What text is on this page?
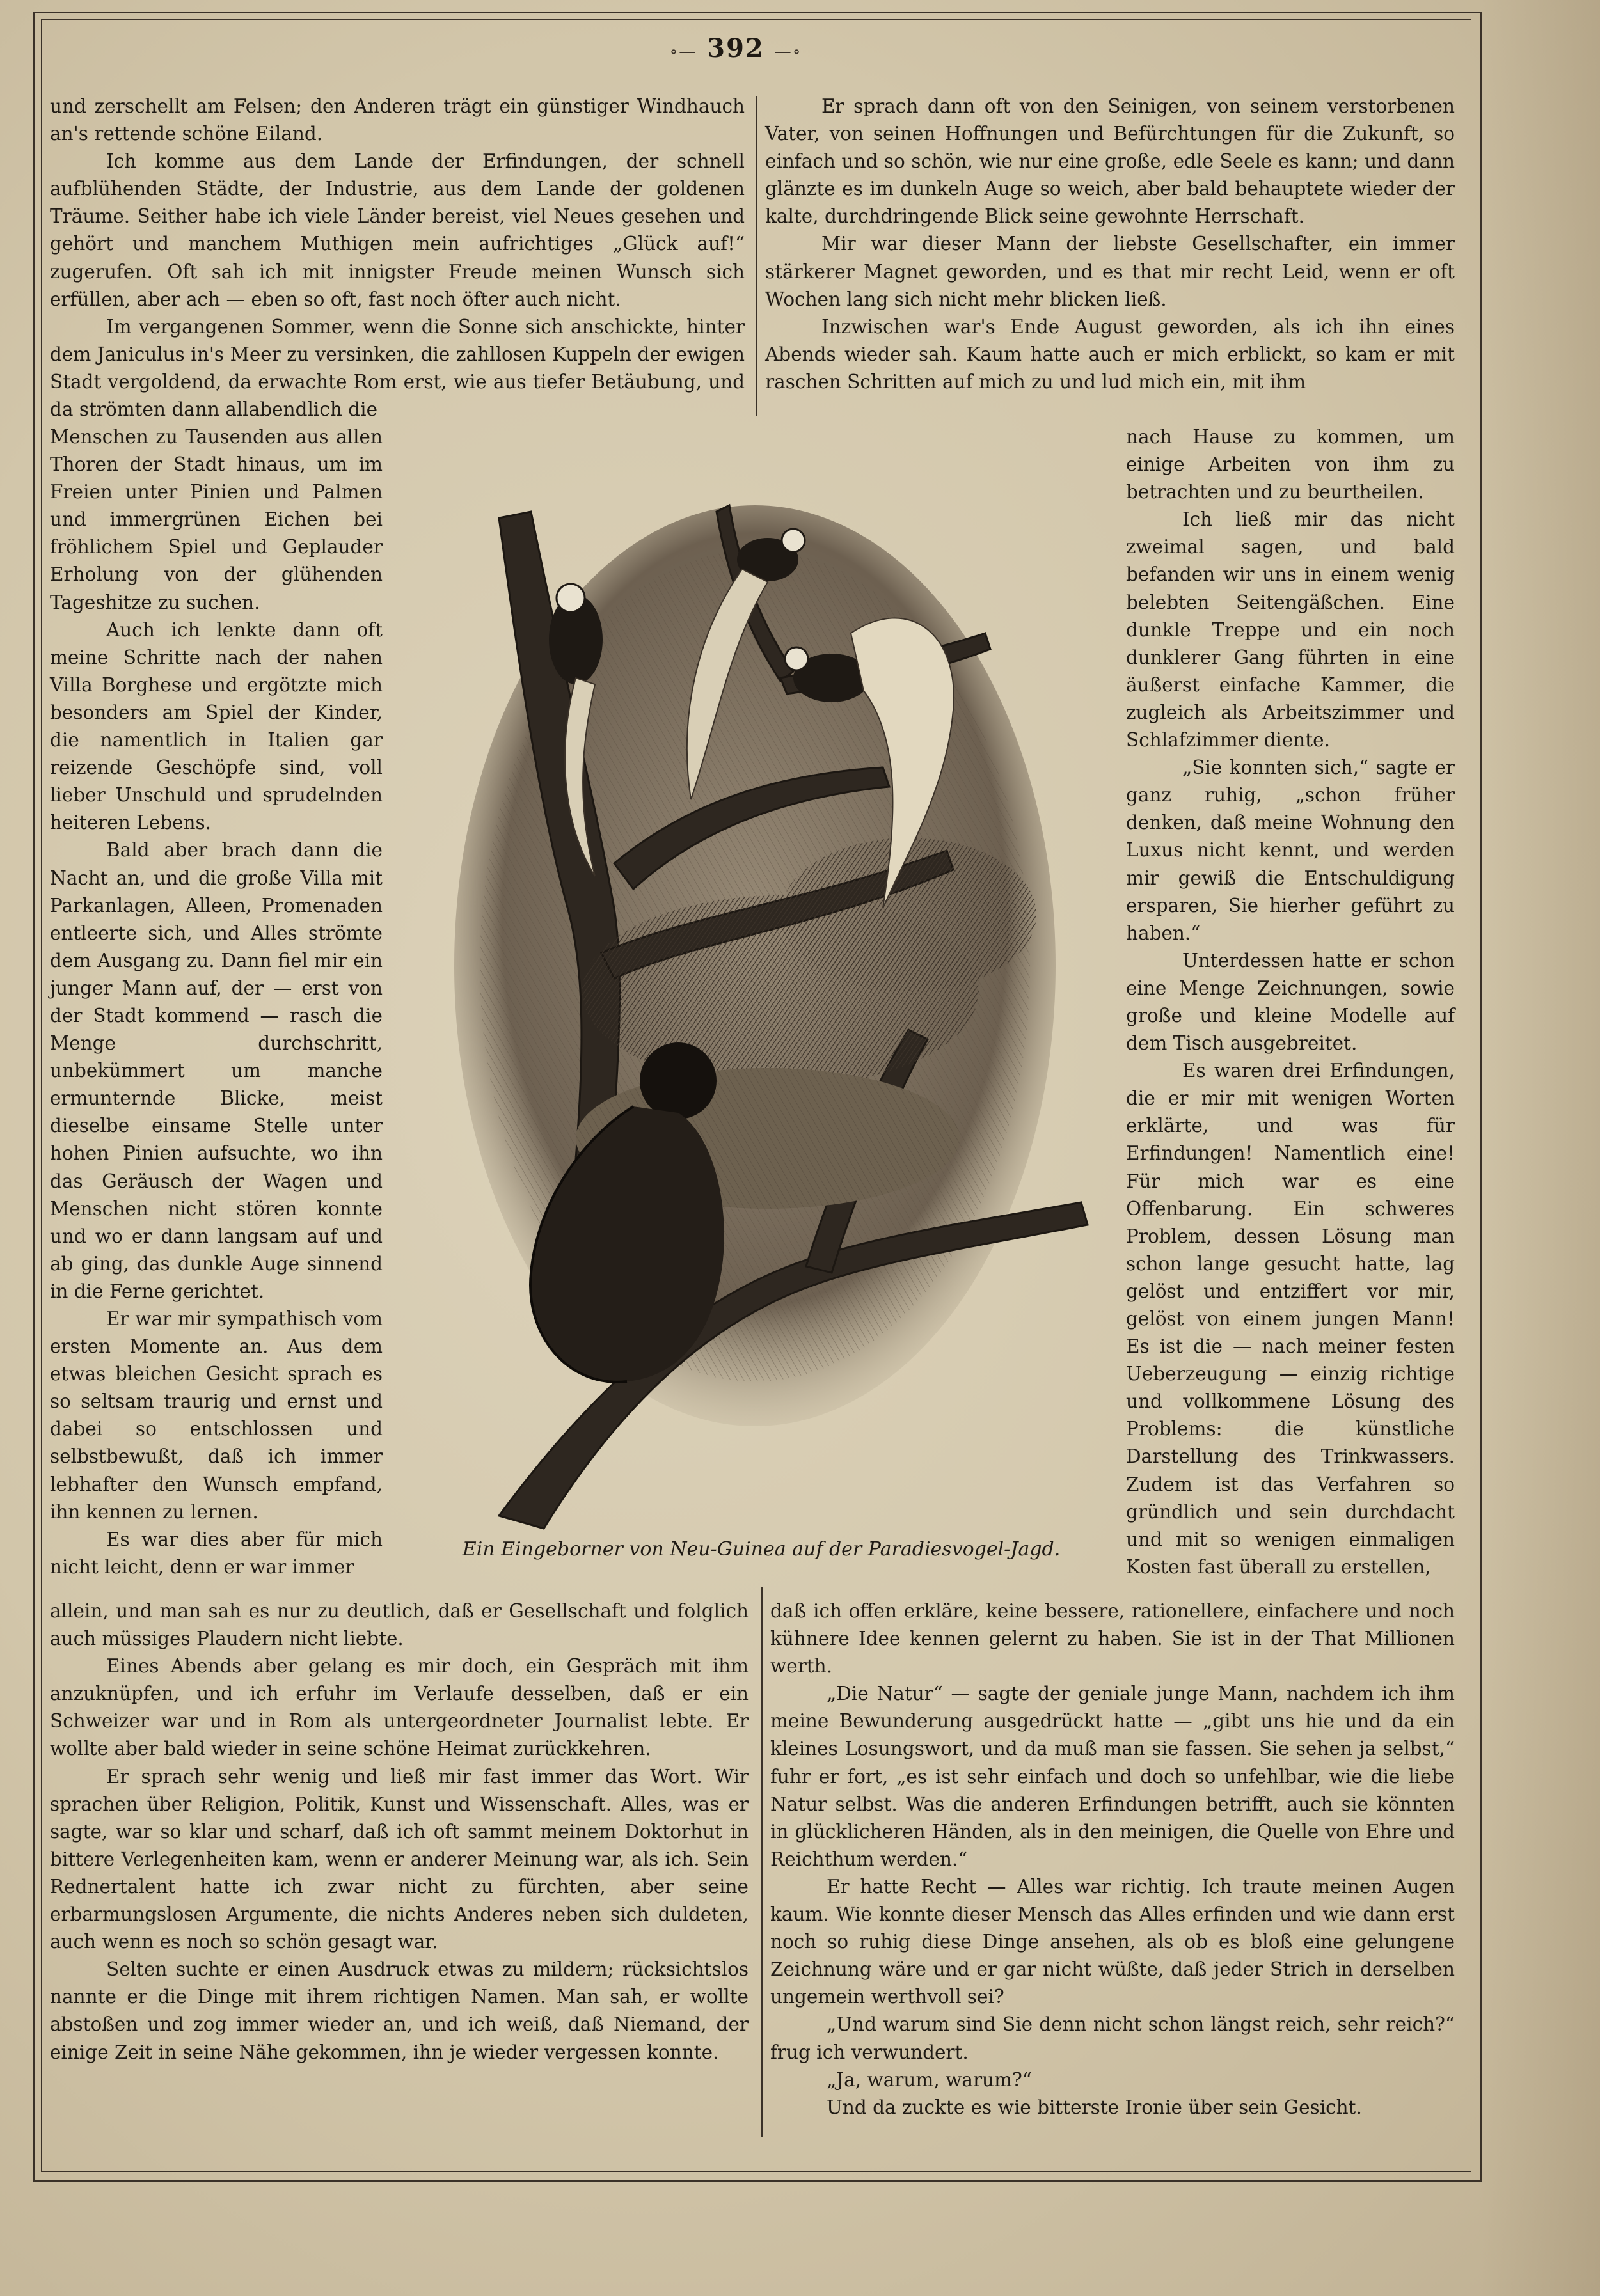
∘— 392 —∘

und zerschellt am Felsen; den Anderen trägt ein günstiger Windhauch an's rettende schöne Eiland.

Ich komme aus dem Lande der Erfindungen, der schnell aufblühenden Städte, der Industrie, aus dem Lande der goldenen Träume. Seither habe ich viele Länder bereist, viel Neues gesehen und gehört und manchem Muthigen mein aufrichtiges „Glück auf!“ zugerufen. Oft sah ich mit innigster Freude meinen Wunsch sich erfüllen, aber ach — eben so oft, fast noch öfter auch nicht.

Im vergangenen Sommer, wenn die Sonne sich anschickte, hinter dem Janiculus in's Meer zu versinken, die zahllosen Kuppeln der ewigen Stadt vergoldend, da erwachte Rom erst, wie aus tiefer Betäubung, und da strömten dann allabendlich die

Menschen zu Tausenden aus allen Thoren der Stadt hinaus, um im Freien unter Pinien und Palmen und immergrünen Eichen bei fröhlichem Spiel und Geplauder Erholung von der glühenden Tageshitze zu suchen.

Auch ich lenkte dann oft meine Schritte nach der nahen Villa Borghese und ergötzte mich besonders am Spiel der Kinder, die namentlich in Italien gar reizende Geschöpfe sind, voll lieber Unschuld und sprudelnden heiteren Lebens.

Bald aber brach dann die Nacht an, und die große Villa mit Parkanlagen, Alleen, Promenaden entleerte sich, und Alles strömte dem Ausgang zu. Dann fiel mir ein junger Mann auf, der — erst von der Stadt kommend — rasch die Menge durchschritt, unbekümmert um manche ermunternde Blicke, meist dieselbe einsame Stelle unter hohen Pinien aufsuchte, wo ihn das Geräusch der Wagen und Menschen nicht stören konnte und wo er dann langsam auf und ab ging, das dunkle Auge sinnend in die Ferne gerichtet.

Er war mir sympathisch vom ersten Momente an. Aus dem etwas bleichen Gesicht sprach es so seltsam traurig und ernst und dabei so entschlossen und selbstbewußt, daß ich immer lebhafter den Wunsch empfand, ihn kennen zu lernen.

Es war dies aber für mich nicht leicht, denn er war immer

allein, und man sah es nur zu deutlich, daß er Gesellschaft und folglich auch müssiges Plaudern nicht liebte.

Eines Abends aber gelang es mir doch, ein Gespräch mit ihm anzuknüpfen, und ich erfuhr im Verlaufe desselben, daß er ein Schweizer war und in Rom als untergeordneter Journalist lebte. Er wollte aber bald wieder in seine schöne Heimat zurückkehren.

Er sprach sehr wenig und ließ mir fast immer das Wort. Wir sprachen über Religion, Politik, Kunst und Wissenschaft. Alles, was er sagte, war so klar und scharf, daß ich oft sammt meinem Doktorhut in bittere Verlegenheiten kam, wenn er anderer Meinung war, als ich. Sein Rednertalent hatte ich zwar nicht zu fürchten, aber seine erbarmungslosen Argumente, die nichts Anderes neben sich duldeten, auch wenn es noch so schön gesagt war.

Selten suchte er einen Ausdruck etwas zu mildern; rücksichtslos nannte er die Dinge mit ihrem richtigen Namen. Man sah, er wollte abstoßen und zog immer wieder an, und ich weiß, daß Niemand, der einige Zeit in seine Nähe gekommen, ihn je wieder vergessen konnte.

Er sprach dann oft von den Seinigen, von seinem verstorbenen Vater, von seinen Hoffnungen und Befürchtungen für die Zukunft, so einfach und so schön, wie nur eine große, edle Seele es kann; und dann glänzte es im dunkeln Auge so weich, aber bald behauptete wieder der kalte, durchdringende Blick seine gewohnte Herrschaft.

Mir war dieser Mann der liebste Gesellschafter, ein immer stärkerer Magnet geworden, und es that mir recht Leid, wenn er oft Wochen lang sich nicht mehr blicken ließ.

Inzwischen war's Ende August geworden, als ich ihn eines Abends wieder sah. Kaum hatte auch er mich erblickt, so kam er mit raschen Schritten auf mich zu und lud mich ein, mit ihm

nach Hause zu kommen, um einige Arbeiten von ihm zu betrachten und zu beurtheilen.

Ich ließ mir das nicht zweimal sagen, und bald befanden wir uns in einem wenig belebten Seitengäßchen. Eine dunkle Treppe und ein noch dunklerer Gang führten in eine äußerst einfache Kammer, die zugleich als Arbeitszimmer und Schlafzimmer diente.

„Sie konnten sich,“ sagte er ganz ruhig, „schon früher denken, daß meine Wohnung den Luxus nicht kennt, und werden mir gewiß die Entschuldigung ersparen, Sie hierher geführt zu haben.“

Unterdessen hatte er schon eine Menge Zeichnungen, sowie große und kleine Modelle auf dem Tisch ausgebreitet.

Es waren drei Erfindungen, die er mir mit wenigen Worten erklärte, und was für Erfindungen! Namentlich eine! Für mich war es eine Offenbarung. Ein schweres Problem, dessen Lösung man schon lange gesucht hatte, lag gelöst und entziffert vor mir, gelöst von einem jungen Mann! Es ist die — nach meiner festen Ueberzeugung — einzig richtige und vollkommene Lösung des Problems: die künstliche Darstellung des Trinkwassers. Zudem ist das Verfahren so gründlich und sein durchdacht und mit so wenigen einmaligen Kosten fast überall zu erstellen,

daß ich offen erkläre, keine bessere, rationellere, einfachere und noch kühnere Idee kennen gelernt zu haben. Sie ist in der That Millionen werth.

„Die Natur“ — sagte der geniale junge Mann, nachdem ich ihm meine Bewunderung ausgedrückt hatte — „gibt uns hie und da ein kleines Losungswort, und da muß man sie fassen. Sie sehen ja selbst,“ fuhr er fort, „es ist sehr einfach und doch so unfehlbar, wie die liebe Natur selbst. Was die anderen Erfindungen betrifft, auch sie könnten in glücklicheren Händen, als in den meinigen, die Quelle von Ehre und Reichthum werden.“

Er hatte Recht — Alles war richtig. Ich traute meinen Augen kaum. Wie konnte dieser Mensch das Alles erfinden und wie dann erst noch so ruhig diese Dinge ansehen, als ob es bloß eine gelungene Zeichnung wäre und er gar nicht wüßte, daß jeder Strich in derselben ungemein werthvoll sei?

„Und warum sind Sie denn nicht schon längst reich, sehr reich?“ frug ich verwundert.

„Ja, warum, warum?“

Und da zuckte es wie bitterste Ironie über sein Gesicht.

Ein Eingeborner von Neu-Guinea auf der Paradiesvogel-Jagd.
